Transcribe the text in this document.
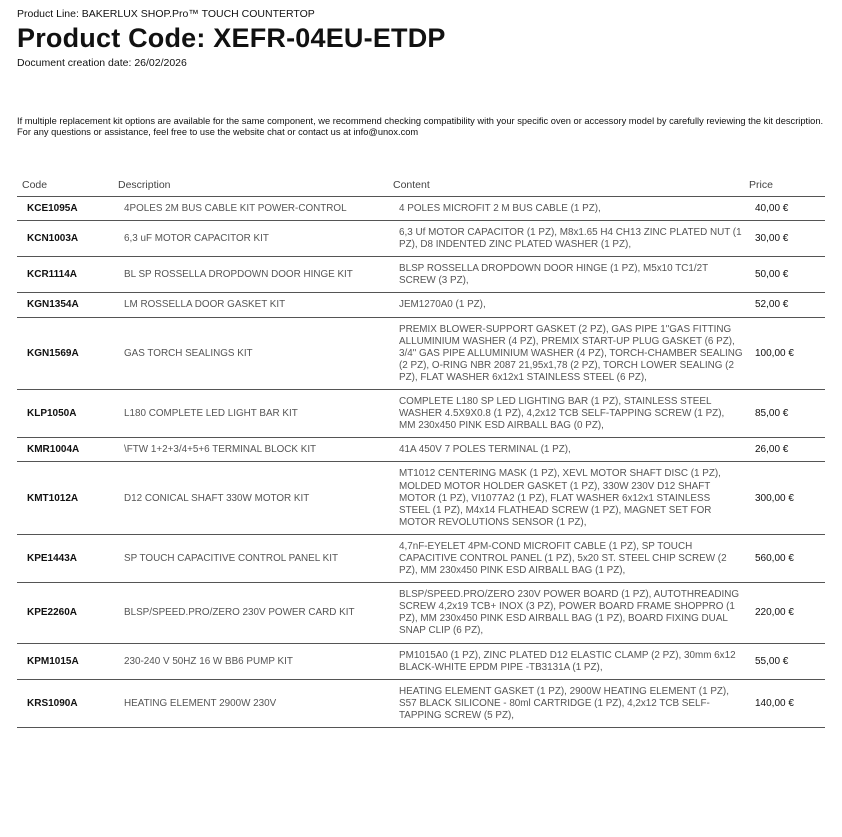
Product Line: BAKERLUX SHOP.Pro™ TOUCH COUNTERTOP
Product Code: XEFR-04EU-ETDP
Document creation date: 26/02/2026

If multiple replacement kit options are available for the same component, we recommend checking compatibility with your specific oven or accessory model by carefully reviewing the kit description.

For any questions or assistance, feel free to use the website chat or contact us at info@unox.com

Code	Description	Content	Price
KCE1095A	4POLES 2M BUS CABLE KIT POWER-CONTROL	4 POLES MICROFIT 2 M BUS CABLE (1 PZ),	40,00 €
KCN1003A	6,3 uF MOTOR CAPACITOR KIT	6,3 Uf MOTOR CAPACITOR (1 PZ), M8x1.65 H4 CH13 ZINC PLATED NUT (1 PZ), D8 INDENTED ZINC PLATED WASHER (1 PZ),	30,00 €
KCR1114A	BL SP ROSSELLA DROPDOWN DOOR HINGE KIT	BLSP ROSSELLA DROPDOWN DOOR HINGE (1 PZ), M5x10 TC1/2T SCREW (3 PZ),	50,00 €
KGN1354A	LM ROSSELLA DOOR GASKET KIT	JEM1270A0 (1 PZ),	52,00 €
KGN1569A	GAS TORCH SEALINGS KIT	PREMIX BLOWER-SUPPORT GASKET (2 PZ), GAS PIPE 1"GAS FITTING ALLUMINIUM WASHER (4 PZ), PREMIX START-UP PLUG GASKET (6 PZ), 3/4" GAS PIPE ALLUMINIUM WASHER (4 PZ), TORCH-CHAMBER SEALING (2 PZ), O-RING NBR 2087 21,95x1,78 (2 PZ), TORCH LOWER SEALING (2 PZ), FLAT WASHER 6x12x1 STAINLESS STEEL (6 PZ),	100,00 €
KLP1050A	L180 COMPLETE LED LIGHT BAR KIT	COMPLETE L180 SP LED LIGHTING BAR (1 PZ), STAINLESS STEEL WASHER 4.5X9X0.8 (1 PZ), 4,2x12 TCB SELF-TAPPING SCREW (1 PZ), MM 230x450 PINK ESD AIRBALL BAG (0 PZ),	85,00 €
KMR1004A	\FTW 1+2+3/4+5+6 TERMINAL BLOCK KIT	41A 450V 7 POLES TERMINAL (1 PZ),	26,00 €
KMT1012A	D12 CONICAL SHAFT 330W MOTOR KIT	MT1012 CENTERING MASK (1 PZ), XEVL MOTOR SHAFT DISC (1 PZ), MOLDED MOTOR HOLDER GASKET (1 PZ), 330W 230V D12 SHAFT MOTOR (1 PZ), VI1077A2 (1 PZ), FLAT WASHER 6x12x1 STAINLESS STEEL (1 PZ), M4x14 FLATHEAD SCREW (1 PZ), MAGNET SET FOR MOTOR REVOLUTIONS SENSOR (1 PZ),	300,00 €
KPE1443A	SP TOUCH CAPACITIVE CONTROL PANEL KIT	4,7nF-EYELET 4PM-COND MICROFIT CABLE (1 PZ), SP TOUCH CAPACITIVE CONTROL PANEL (1 PZ), 5x20 ST. STEEL CHIP SCREW (2 PZ), MM 230x450 PINK ESD AIRBALL BAG (1 PZ),	560,00 €
KPE2260A	BLSP/SPEED.PRO/ZERO 230V POWER CARD KIT	BLSP/SPEED.PRO/ZERO 230V POWER BOARD (1 PZ), AUTOTHREADING SCREW 4,2x19 TCB+ INOX (3 PZ), POWER BOARD FRAME SHOPPRO (1 PZ), MM 230x450 PINK ESD AIRBALL BAG (1 PZ), BOARD FIXING DUAL SNAP CLIP (6 PZ),	220,00 €
KPM1015A	230-240 V 50HZ 16 W BB6 PUMP KIT	PM1015A0 (1 PZ), ZINC PLATED D12 ELASTIC CLAMP (2 PZ), 30mm 6x12 BLACK-WHITE EPDM PIPE -TB3131A (1 PZ),	55,00 €
KRS1090A	HEATING ELEMENT 2900W 230V	HEATING ELEMENT GASKET (1 PZ), 2900W HEATING ELEMENT (1 PZ), S57 BLACK SILICONE - 80ml CARTRIDGE (1 PZ), 4,2x12 TCB SELF-TAPPING SCREW (5 PZ),	140,00 €
